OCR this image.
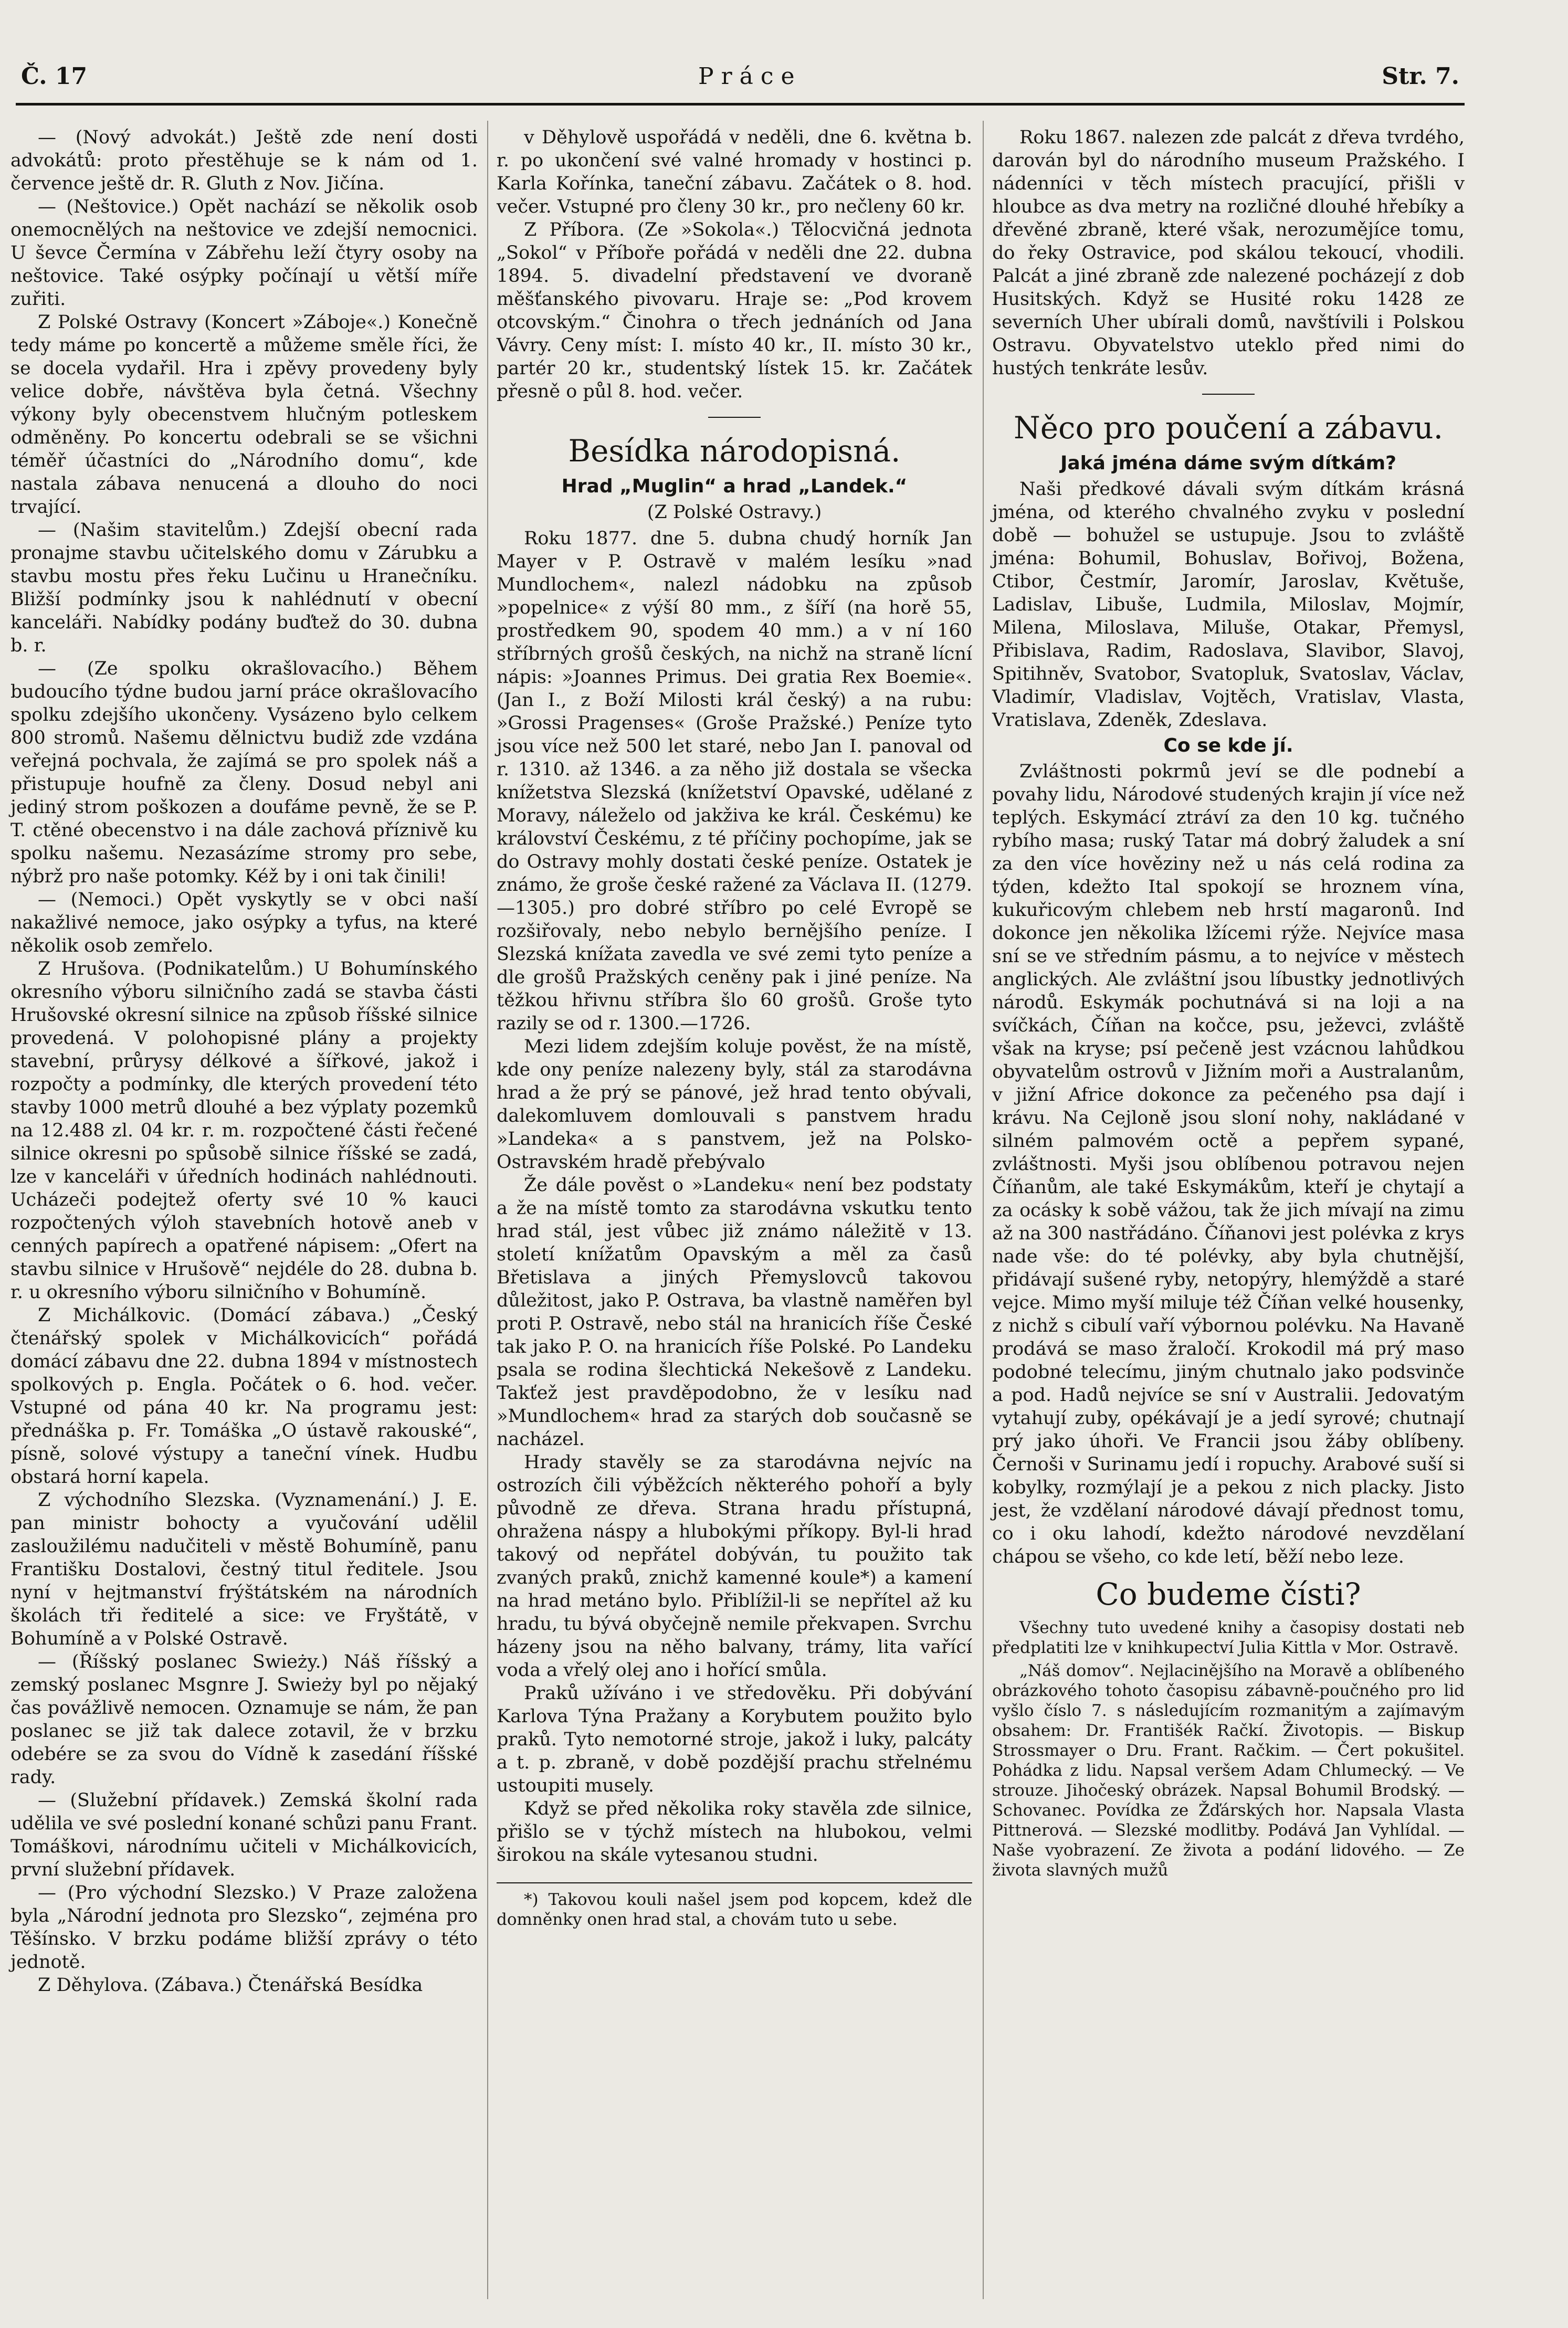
Č. 17	Práce	Str. 7.

— (Nový advokát.) Ještě zde není dosti advokátů: proto přestěhuje se k nám od 1. července ještě dr. R. Gluth z Nov. Jičína.

— (Neštovice.) Opět nachází se několik osob onemocnělých na neštovice ve zdejší nemocnici. U ševce Čermína v Zábřehu leží čtyry osoby na neštovice. Také osýpky počínají u větší míře zuřiti.

Z Polské Ostravy (Koncert »Záboje«.) Konečně tedy máme po koncertě a můžeme směle říci, že se docela vydařil. Hra i zpěvy provedeny byly velice dobře, návštěva byla četná. Všechny výkony byly obecenstvem hlučným potleskem odměněny. Po koncertu odebrali se se všichni téměř účastníci do „Národního domu“, kde nastala zábava nenucená a dlouho do noci trvající.

— (Našim stavitelům.) Zdejší obecní rada pronajme stavbu učitelského domu v Zárubku a stavbu mostu přes řeku Lučinu u Hranečníku. Bližší podmínky jsou k nahlédnutí v obecní kanceláři. Nabídky podány buďtež do 30. dubna b. r.

— (Ze spolku okrašlovacího.) Během budoucího týdne budou jarní práce okrašlovacího spolku zdejšího ukončeny. Vysázeno bylo celkem 800 stromů. Našemu dělnictvu budiž zde vzdána veřejná pochvala, že zajímá se pro spolek náš a přistupuje houfně za členy. Dosud nebyl ani jediný strom poškozen a doufáme pevně, že se P. T. ctěné obecenstvo i na dále zachová příznivě ku spolku našemu. Nezasázíme stromy pro sebe, nýbrž pro naše potomky. Kéž by i oni tak činili!

— (Nemoci.) Opět vyskytly se v obci naší nakažlivé nemoce, jako osýpky a tyfus, na které několik osob zemřelo.

Z Hrušova. (Podnikatelům.) U Bohumínského okresního výboru silničního zadá se stavba části Hrušovské okresní silnice na způsob říšské silnice provedená. V polohopisné plány a projekty stavební, průrysy délkové a šířkové, jakož i rozpočty a podmínky, dle kterých provedení této stavby 1000 metrů dlouhé a bez výplaty pozemků na 12.488 zl. 04 kr. r. m. rozpočtené části řečené silnice okresni po spůsobě silnice říšské se zadá, lze v kanceláři v úředních hodinách nahlédnouti. Ucházeči podejtež oferty své 10 % kauci rozpočtených výloh stavebních hotově aneb v cenných papírech a opatřené nápisem: „Ofert na stavbu silnice v Hrušově“ nejdéle do 28. dubna b. r. u okresního výboru silničního v Bohumíně.

Z Michálkovic. (Domácí zábava.) „Český čtenářský spolek v Michálkovicích“ pořádá domácí zábavu dne 22. dubna 1894 v místnostech spolkových p. Engla. Počátek o 6. hod. večer. Vstupné od pána 40 kr. Na programu jest: přednáška p. Fr. Tomáška „O ústavě rakouské“, písně, solové výstupy a taneční vínek. Hudbu obstará horní kapela.

Z východního Slezska. (Vyznamenání.) J. E. pan ministr bohocty a vyučování udělil zasloužilému nadučiteli v městě Bohumíně, panu Františku Dostalovi, čestný titul ředitele. Jsou nyní v hejtmanství frýštátském na národních školách tři ředitelé a sice: ve Fryštátě, v Bohumíně a v Polské Ostravě.

— (Říšský poslanec Swieży.) Náš říšský a zemský poslanec Msgnre J. Swieży byl po nějaký čas povážlivě nemocen. Oznamuje se nám, že pan poslanec se již tak dalece zotavil, že v brzku odebére se za svou do Vídně k zasedání říšské rady.

— (Služební přídavek.) Zemská školní rada udělila ve své poslední konané schůzi panu Frant. Tomáškovi, národnímu učiteli v Michálkovicích, první služební přídavek.

— (Pro východní Slezsko.) V Praze založena byla „Národní jednota pro Slezsko“, zejména pro Těšínsko. V brzku podáme bližší zprávy o této jednotě.

Z Děhylova. (Zábava.) Čtenářská Besídka

v Děhylově uspořádá v neděli, dne 6. května b. r. po ukončení své valné hromady v hostinci p. Karla Kořínka, taneční zábavu. Začátek o 8. hod. večer. Vstupné pro členy 30 kr., pro nečleny 60 kr.

Z Příbora. (Ze »Sokola«.) Tělocvičná jednota „Sokol“ v Příboře pořádá v neděli dne 22. dubna 1894. 5. divadelní představení ve dvoraně měšťanského pivovaru. Hraje se: „Pod krovem otcovským.“ Činohra o třech jednáních od Jana Vávry. Ceny míst: I. místo 40 kr., II. místo 30 kr., partér 20 kr., studentský lístek 15. kr. Začátek přesně o půl 8. hod. večer.

Besídka národopisná.
Hrad „Muglin“ a hrad „Landek.“

(Z Polské Ostravy.)

Roku 1877. dne 5. dubna chudý horník Jan Mayer v P. Ostravě v malém lesíku »nad Mundlochem«, nalezl nádobku na způsob »popelnice« z výší 80 mm., z šíří (na horě 55, prostředkem 90, spodem 40 mm.) a v ní 160 stříbrných grošů českých, na nichž na straně lícní nápis: »Joannes Primus. Dei gratia Rex Boemie«. (Jan I., z Boží Milosti král český) a na rubu: »Grossi Pragenses« (Groše Pražské.) Peníze tyto jsou více než 500 let staré, nebo Jan I. panoval od r. 1310. až 1346. a za něho již dostala se všecka knížetstva Slezská (knížetství Opavské, udělané z Moravy, náleželo od jakživa ke král. Českému) ke království Českému, z té příčiny pochopíme, jak se do Ostravy mohly dostati české peníze. Ostatek je známo, že groše české ražené za Václava II. (1279.—1305.) pro dobré stříbro po celé Evropě se rozšiřovaly, nebo nebylo bernějšího peníze. I Slezská knížata zavedla ve své zemi tyto peníze a dle grošů Pražských ceněny pak i jiné peníze. Na těžkou hřivnu stříbra šlo 60 grošů. Groše tyto razily se od r. 1300.—1726.

Mezi lidem zdejším koluje pověst, že na místě, kde ony peníze nalezeny byly, stál za starodávna hrad a že prý se pánové, jež hrad tento obývali, dalekomluvem domlouvali s panstvem hradu »Landeka« a s panstvem, jež na Polsko-Ostravském hradě přebývalo

Že dále pověst o »Landeku« není bez podstaty a že na místě tomto za starodávna vskutku tento hrad stál, jest vůbec již známo náležitě v 13. století knížatům Opavským a měl za časů Břetislava a jiných Přemyslovců takovou důležitost, jako P. Ostrava, ba vlastně naměřen byl proti P. Ostravě, nebo stál na hranicích říše České tak jako P. O. na hranicích říše Polské. Po Landeku psala se rodina šlechtická Nekešově z Landeku. Takťež jest pravděpodobno, že v lesíku nad »Mundlochem« hrad za starých dob současně se nacházel.

Hrady stavěly se za starodávna nejvíc na ostrozích čili výběžcích některého pohoří a byly původně ze dřeva. Strana hradu přístupná, ohražena náspy a hlubokými příkopy. Byl-li hrad takový od nepřátel dobýván, tu použito tak zvaných praků, znichž kamenné koule*) a kamení na hrad metáno bylo. Přiblížil-li se nepřítel až ku hradu, tu bývá obyčejně nemile překvapen. Svrchu házeny jsou na něho balvany, trámy, lita vařící voda a vřelý olej ano i hořící smůla.

Praků užíváno i ve středověku. Při dobývání Karlova Týna Pražany a Korybutem použito bylo praků. Tyto nemotorné stroje, jakož i luky, palcáty a t. p. zbraně, v době pozdější prachu střelnému ustoupiti musely.

Když se před několika roky stavěla zde silnice, přišlo se v týchž místech na hlubokou, velmi širokou na skále vytesanou studni.

*) Takovou kouli našel jsem pod kopcem, kdež dle domněnky onen hrad stal, a chovám tuto u sebe.

Roku 1867. nalezen zde palcát z dřeva tvrdého, darován byl do národního museum Pražského. I nádenníci v těch místech pracující, přišli v hloubce as dva metry na rozličné dlouhé hřebíky a dřevěné zbraně, které však, nerozumějíce tomu, do řeky Ostravice, pod skálou tekoucí, vhodili. Palcát a jiné zbraně zde nalezené pocházejí z dob Husitských. Když se Husité roku 1428 ze severních Uher ubírali domů, navštívili i Polskou Ostravu. Obyvatelstvo uteklo před nimi do hustých tenkráte lesův.

Něco pro poučení a zábavu.
Jaká jména dáme svým dítkám?

Naši předkové dávali svým dítkám krásná jména, od kterého chvalného zvyku v poslední době — bohužel se ustupuje. Jsou to zvláště jména: Bohumil, Bohuslav, Bořivoj, Božena, Ctibor, Čestmír, Jaromír, Jaroslav, Květuše, Ladislav, Libuše, Ludmila, Miloslav, Mojmír, Milena, Miloslava, Miluše, Otakar, Přemysl, Přibislava, Radim, Radoslava, Slavibor, Slavoj, Spitihněv, Svatobor, Svatopluk, Svatoslav, Václav, Vladimír, Vladislav, Vojtěch, Vratislav, Vlasta, Vratislava, Zdeněk, Zdeslava.

Co se kde jí.

Zvláštnosti pokrmů jeví se dle podnebí a povahy lidu, Národové studených krajin jí více než teplých. Eskymácí ztráví za den 10 kg. tučného rybího masa; ruský Tatar má dobrý žaludek a sní za den více hověziny než u nás celá rodina za týden, kdežto Ital spokojí se hroznem vína, kukuřicovým chlebem neb hrstí magaronů. Ind dokonce jen několika lžícemi rýže. Nejvíce masa sní se ve středním pásmu, a to nejvíce v městech anglických. Ale zvláštní jsou líbustky jednotlivých národů. Eskymák pochutnává si na loji a na svíčkách, Číňan na kočce, psu, ježevci, zvláště však na kryse; psí pečeně jest vzácnou lahůdkou obyvatelům ostrovů v Jižním moři a Australanům, v jižní Africe dokonce za pečeného psa dají i krávu. Na Cejloně jsou sloní nohy, nakládané v silném palmovém octě a pepřem sypané, zvláštnosti. Myši jsou oblíbenou potravou nejen Číňanům, ale také Eskymákům, kteří je chytají a za ocásky k sobě vážou, tak že jich mívají na zimu až na 300 nastřádáno. Číňanovi jest polévka z krys nade vše: do té polévky, aby byla chutnější, přidávají sušené ryby, netopýry, hlemýždě a staré vejce. Mimo myší miluje též Číňan velké housenky, z nichž s cibulí vaří výbornou polévku. Na Havaně prodává se maso žraločí. Krokodil má prý maso podobné telecímu, jiným chutnalo jako podsvinče a pod. Hadů nejvíce se sní v Australii. Jedovatým vytahují zuby, opékávají je a jedí syrové; chutnají prý jako úhoři. Ve Francii jsou žáby oblíbeny. Černoši v Surinamu jedí i ropuchy. Arabové suší si kobylky, rozmýlají je a pekou z nich placky. Jisto jest, že vzdělaní národové dávají přednost tomu, co i oku lahodí, kdežto národové nevzdělaní chápou se všeho, co kde letí, běží nebo leze.

Co budeme čísti?

Všechny tuto uvedené knihy a časopisy dostati neb předplatiti lze v knihkupectví Julia Kittla v Mor. Ostravě.

„Náš domov“. Nejlacinějšího na Moravě a oblíbeného obrázkového tohoto časopisu zábavně-poučného pro lid vyšlo číslo 7. s následujícím rozmanitým a zajímavým obsahem: Dr. Františék Račkí. Životopis. — Biskup Strossmayer o Dru. Frant. Račkim. — Čert pokušitel. Pohádka z lidu. Napsal veršem Adam Chlumecký. — Ve strouze. Jihočeský obrázek. Napsal Bohumil Brodský. — Schovanec. Povídka ze Žďárských hor. Napsala Vlasta Pittnerová. — Slezské modlitby. Podává Jan Vyhlídal. — Naše vyobrazení. Ze života a podání lidového. — Ze života slavných mužů
